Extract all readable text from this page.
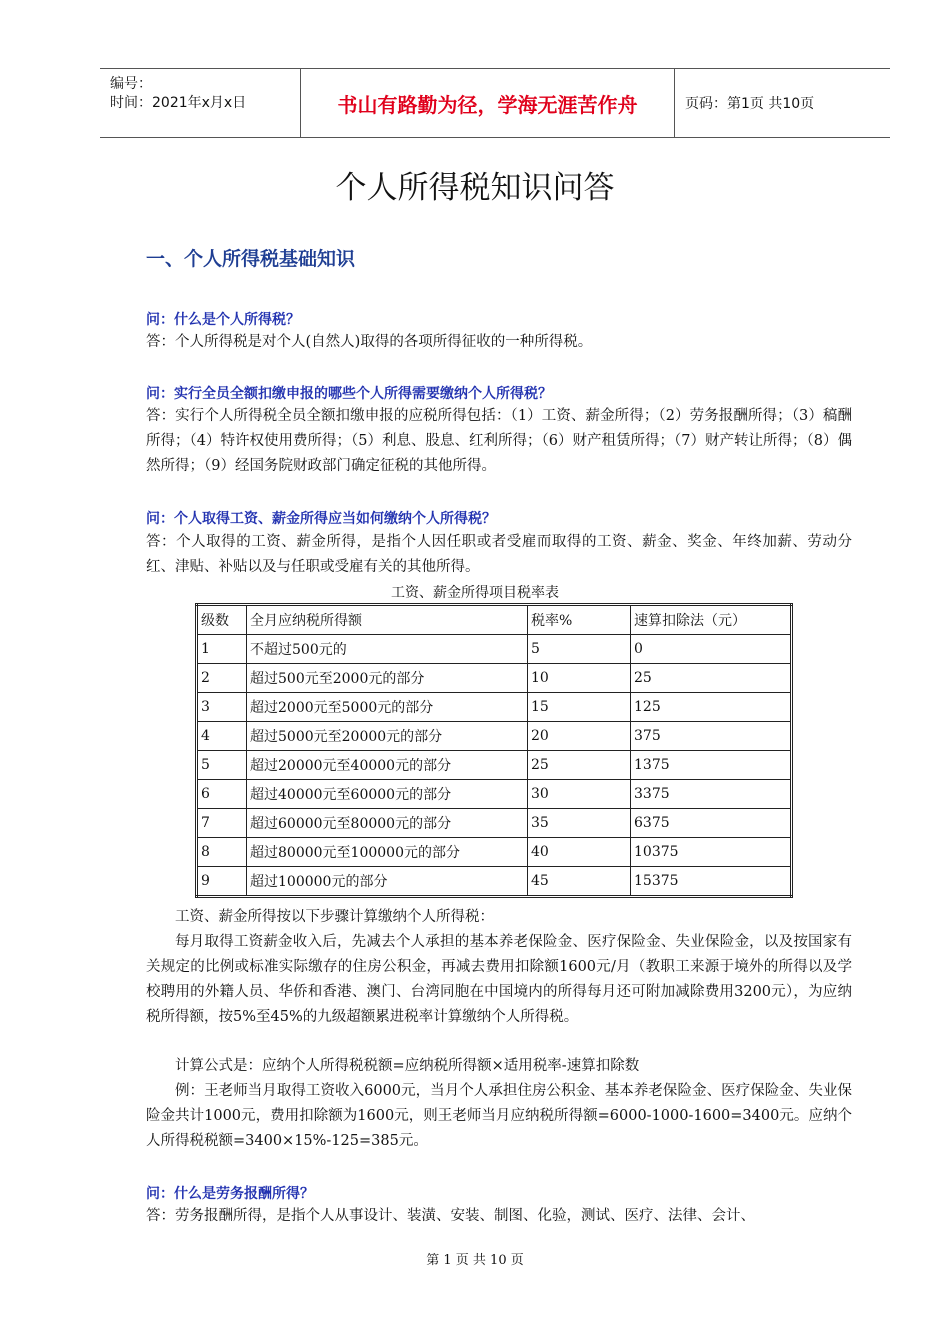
编号：
时间：2021年x月x日	书山有路勤为径，学海无涯苦作舟	页码：第1页 共10页
个人所得税知识问答
一、个人所得税基础知识
问：什么是个人所得税？
答：个人所得税是对个人(自然人)取得的各项所得征收的一种所得税。
问：实行全员全额扣缴申报的哪些个人所得需要缴纳个人所得税？
答：实行个人所得税全员全额扣缴申报的应税所得包括：（1）工资、薪金所得；（2）劳务报酬所得；（3）稿酬所得；（4）特许权使用费所得；（5）利息、股息、红利所得；（6）财产租赁所得；（7）财产转让所得；（8）偶然所得；（9）经国务院财政部门确定征税的其他所得。
问：个人取得工资、薪金所得应当如何缴纳个人所得税？
答：个人取得的工资、薪金所得，是指个人因任职或者受雇而取得的工资、薪金、奖金、年终加薪、劳动分红、津贴、补贴以及与任职或受雇有关的其他所得。
工资、薪金所得项目税率表
级数	全月应纳税所得额	税率%	速算扣除法（元）
1	不超过500元的	5	0
2	超过500元至2000元的部分	10	25
3	超过2000元至5000元的部分	15	125
4	超过5000元至20000元的部分	20	375
5	超过20000元至40000元的部分	25	1375
6	超过40000元至60000元的部分	30	3375
7	超过60000元至80000元的部分	35	6375
8	超过80000元至100000元的部分	40	10375
9	超过100000元的部分	45	15375
工资、薪金所得按以下步骤计算缴纳个人所得税：
每月取得工资薪金收入后，先减去个人承担的基本养老保险金、医疗保险金、失业保险金，以及按国家有关规定的比例或标准实际缴存的住房公积金，再减去费用扣除额1600元/月（教职工来源于境外的所得以及学校聘用的外籍人员、华侨和香港、澳门、台湾同胞在中国境内的所得每月还可附加减除费用3200元），为应纳税所得额，按5%至45%的九级超额累进税率计算缴纳个人所得税。
计算公式是：应纳个人所得税税额=应纳税所得额×适用税率-速算扣除数
例：王老师当月取得工资收入6000元，当月个人承担住房公积金、基本养老保险金、医疗保险金、失业保险金共计1000元，费用扣除额为1600元，则王老师当月应纳税所得额=6000-1000-1600=3400元。应纳个人所得税税额=3400×15%-125=385元。
问：什么是劳务报酬所得？
答：劳务报酬所得，是指个人从事设计、装潢、安装、制图、化验，测试、医疗、法律、会计、
第 1 页 共 10 页
